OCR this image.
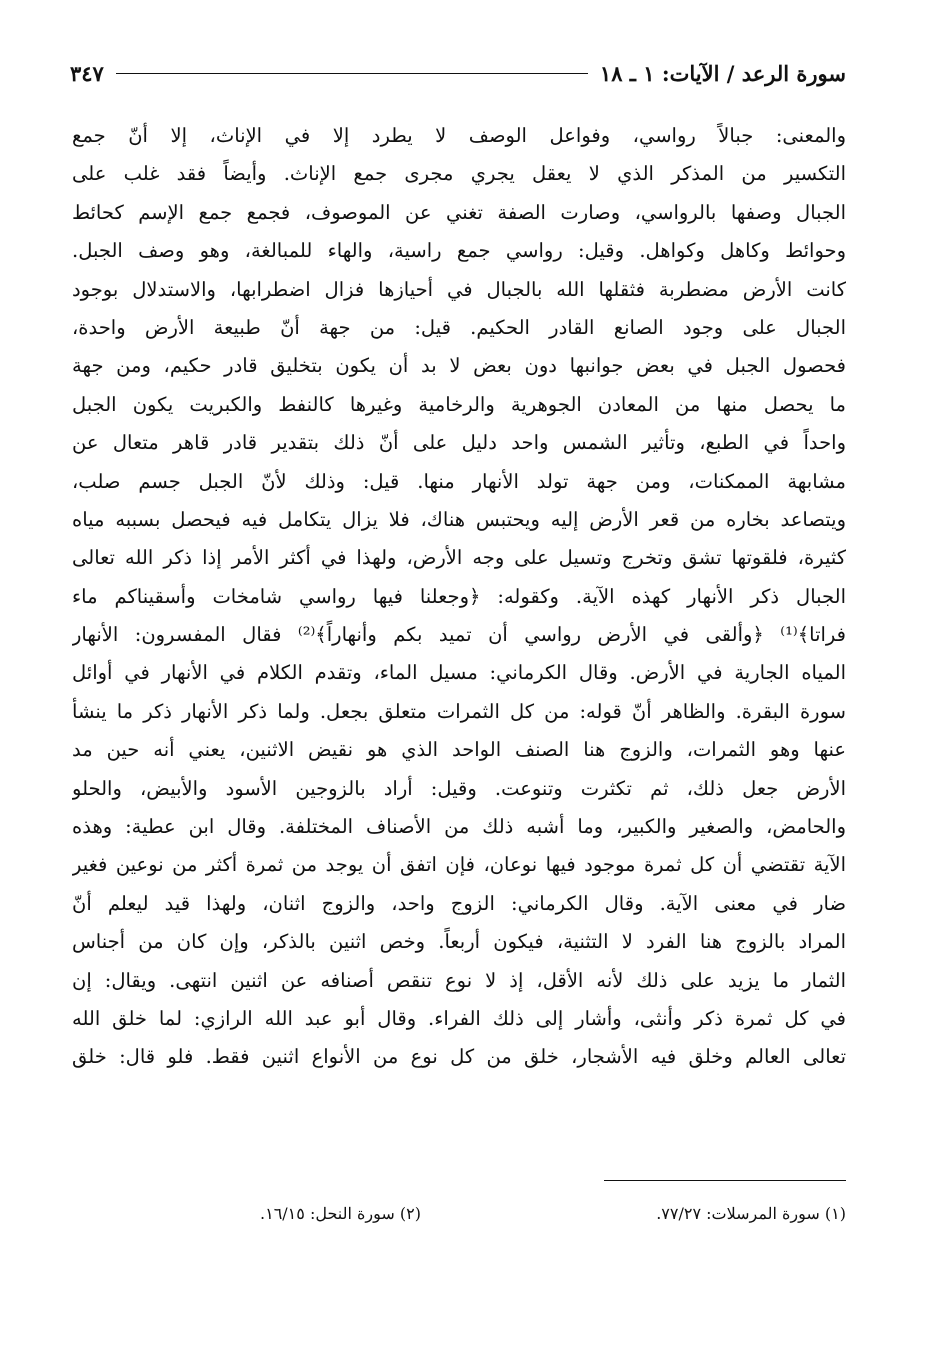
سورة الرعد / الآيات: ١ ـ ١٨
٣٤٧
والمعنى: جبالاً رواسي، وفواعل الوصف لا يطرد إلا في الإناث، إلا أنّ جمع
التكسير من المذكر الذي لا يعقل يجري مجرى جمع الإناث. وأيضاً فقد غلب على
الجبال وصفها بالرواسي، وصارت الصفة تغني عن الموصوف، فجمع جمع الإسم كحائط
وحوائط وكاهل وكواهل. وقيل: رواسي جمع راسية، والهاء للمبالغة، وهو وصف الجبل.
كانت الأرض مضطربة فثقلها الله بالجبال في أحيازها فزال اضطرابها، والاستدلال بوجود
الجبال على وجود الصانع القادر الحكيم. قيل: من جهة أنّ طبيعة الأرض واحدة،
فحصول الجبل في بعض جوانبها دون بعض لا بد أن يكون بتخليق قادر حكيم، ومن جهة
ما يحصل منها من المعادن الجوهرية والرخامية وغيرها كالنفط والكبريت يكون الجبل
واحداً في الطبع، وتأثير الشمس واحد دليل على أنّ ذلك بتقدير قادر قاهر متعال عن
مشابهة الممكنات، ومن جهة تولد الأنهار منها. قيل: وذلك لأنّ الجبل جسم صلب،
ويتصاعد بخاره من قعر الأرض إليه ويحتبس هناك، فلا يزال يتكامل فيه فيحصل بسببه مياه
كثيرة، فلقوتها تشق وتخرج وتسيل على وجه الأرض، ولهذا في أكثر الأمر إذا ذكر الله تعالى
الجبال ذكر الأنهار كهذه الآية. وكقوله: ﴿وجعلنا فيها رواسي شامخات وأسقيناكم ماء
فراتا﴾⁽¹⁾ ﴿وألقى في الأرض رواسي أن تميد بكم وأنهاراً﴾⁽²⁾ فقال المفسرون: الأنهار
المياه الجارية في الأرض. وقال الكرماني: مسيل الماء، وتقدم الكلام في الأنهار في أوائل
سورة البقرة. والظاهر أنّ قوله: من كل الثمرات متعلق بجعل. ولما ذكر الأنهار ذكر ما ينشأ
عنها وهو الثمرات، والزوج هنا الصنف الواحد الذي هو نقيض الاثنين، يعني أنه حين مد
الأرض جعل ذلك، ثم تكثرت وتنوعت. وقيل: أراد بالزوجين الأسود والأبيض، والحلو
والحامض، والصغير والكبير، وما أشبه ذلك من الأصناف المختلفة. وقال ابن عطية: وهذه
الآية تقتضي أن كل ثمرة موجود فيها نوعان، فإن اتفق أن يوجد من ثمرة أكثر من نوعين فغير
ضار في معنى الآية. وقال الكرماني: الزوج واحد، والزوج اثنان، ولهذا قيد ليعلم أنّ
المراد بالزوج هنا الفرد لا التثنية، فيكون أربعاً. وخص اثنين بالذكر، وإن كان من أجناس
الثمار ما يزيد على ذلك لأنه الأقل، إذ لا نوع تنقص أصنافه عن اثنين انتهى. ويقال: إن
في كل ثمرة ذكر وأنثى، وأشار إلى ذلك الفراء. وقال أبو عبد الله الرازي: لما خلق الله
تعالى العالم وخلق فيه الأشجار، خلق من كل نوع من الأنواع اثنين فقط. فلو قال: خلق
(١) سورة المرسلات: ٧٧/٢٧.
(٢) سورة النحل: ١٦/١٥.
